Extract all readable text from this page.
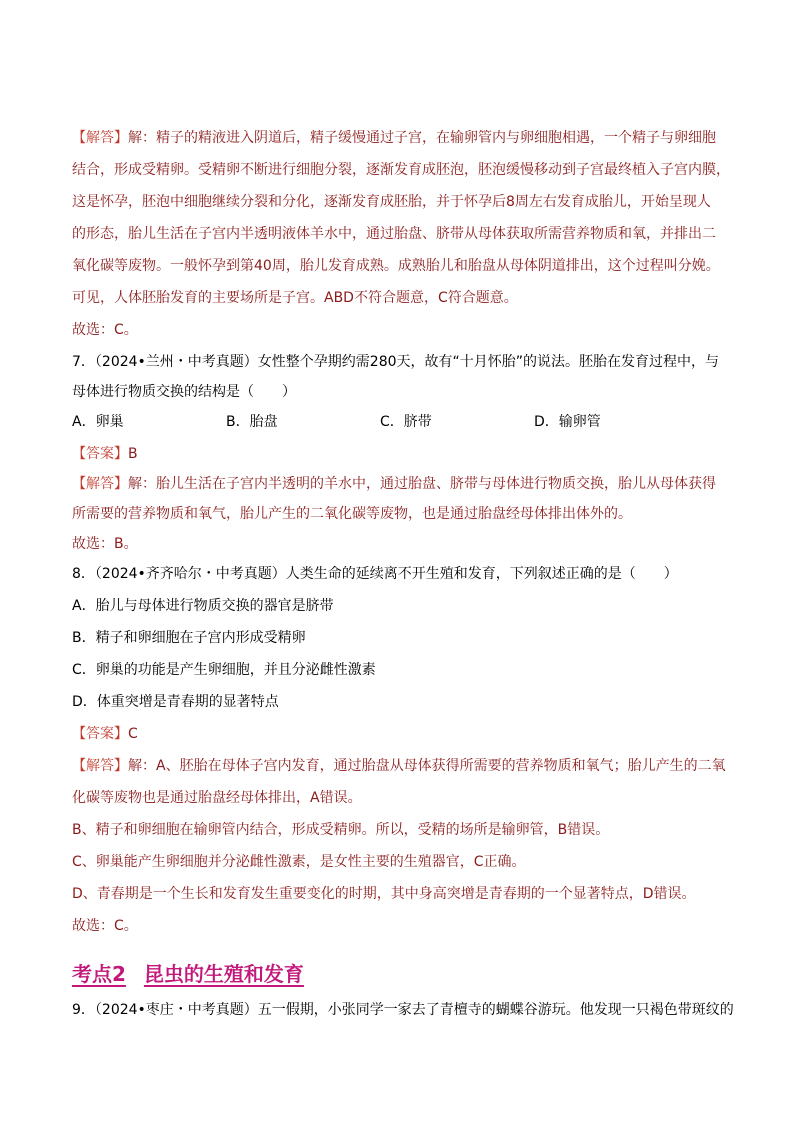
【解答】解：精子的精液进入阴道后，精子缓慢通过子宫，在输卵管内与卵细胞相遇，一个精子与卵细胞
结合，形成受精卵。受精卵不断进行细胞分裂，逐渐发育成胚泡，胚泡缓慢移动到子宫最终植入子宫内膜，
这是怀孕，胚泡中细胞继续分裂和分化，逐渐发育成胚胎，并于怀孕后8周左右发育成胎儿，开始呈现人
的形态，胎儿生活在子宫内半透明液体羊水中，通过胎盘、脐带从母体获取所需营养物质和氧，并排出二
氧化碳等废物。一般怀孕到第40周，胎儿发育成熟。成熟胎儿和胎盘从母体阴道排出，这个过程叫分娩。
可见，人体胚胎发育的主要场所是子宫。ABD不符合题意，C符合题意。
故选：C。
7．（2024•兰州・中考真题）女性整个孕期约需280天，故有“十月怀胎”的说法。胚胎在发育过程中，与
母体进行物质交换的结构是（　　）
A．卵巢	B．胎盘	C．脐带	D．输卵管
【答案】B
【解答】解：胎儿生活在子宫内半透明的羊水中，通过胎盘、脐带与母体进行物质交换，胎儿从母体获得
所需要的营养物质和氧气，胎儿产生的二氧化碳等废物，也是通过胎盘经母体排出体外的。
故选：B。
8．（2024•齐齐哈尔・中考真题）人类生命的延续离不开生殖和发育，下列叙述正确的是（　　）
A．胎儿与母体进行物质交换的器官是脐带
B．精子和卵细胞在子宫内形成受精卵
C．卵巢的功能是产生卵细胞，并且分泌雌性激素
D．体重突增是青春期的显著特点
【答案】C
【解答】解：A、胚胎在母体子宫内发育，通过胎盘从母体获得所需要的营养物质和氧气；胎儿产生的二氧
化碳等废物也是通过胎盘经母体排出，A错误。
B、精子和卵细胞在输卵管内结合，形成受精卵。所以，受精的场所是输卵管，B错误。
C、卵巢能产生卵细胞并分泌雌性激素，是女性主要的生殖器官，C正确。
D、青春期是一个生长和发育发生重要变化的时期，其中身高突增是青春期的一个显著特点，D错误。
故选：C。
考点2 昆虫的生殖和发育
9．（2024•枣庄・中考真题）五一假期，小张同学一家去了青檀寺的蝴蝶谷游玩。他发现一只褐色带斑纹的
